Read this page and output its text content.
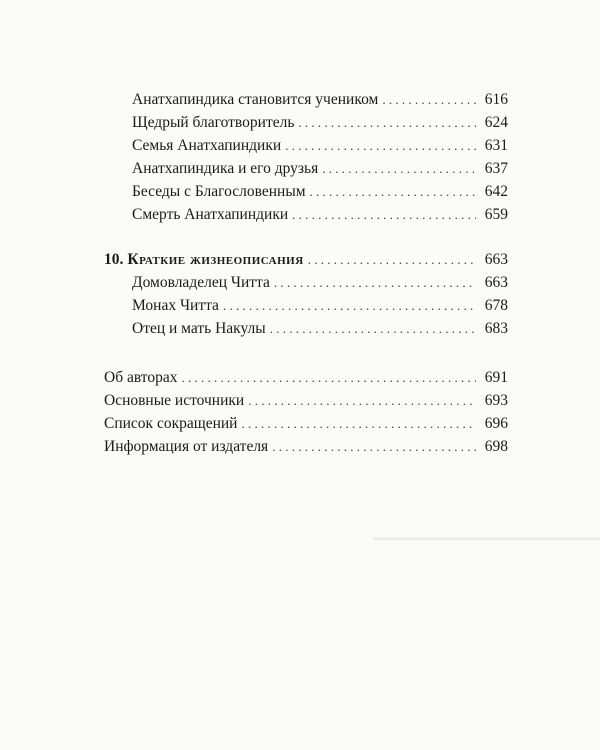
━━━━━━━━━━━━━━━━━━━━━━━━━
Анатхапиндика становится учеником . . .	616
Щедрый благотворитель . . .	624
Семья Анатхапиндики . . .	631
Анатхапиндика и его друзья . . .	637
Беседы с Благословенным . . .	642
Смерть Анатхапиндики . . .	659
10. Краткие жизнеописания . . .	663
Домовладелец Читта . . .	663
Монах Читта . . .	678
Отец и мать Накулы . . .	683
Об авторах . . .	691
Основные источники . . .	693
Список сокращений . . .	696
Информация от издателя . . .	698
